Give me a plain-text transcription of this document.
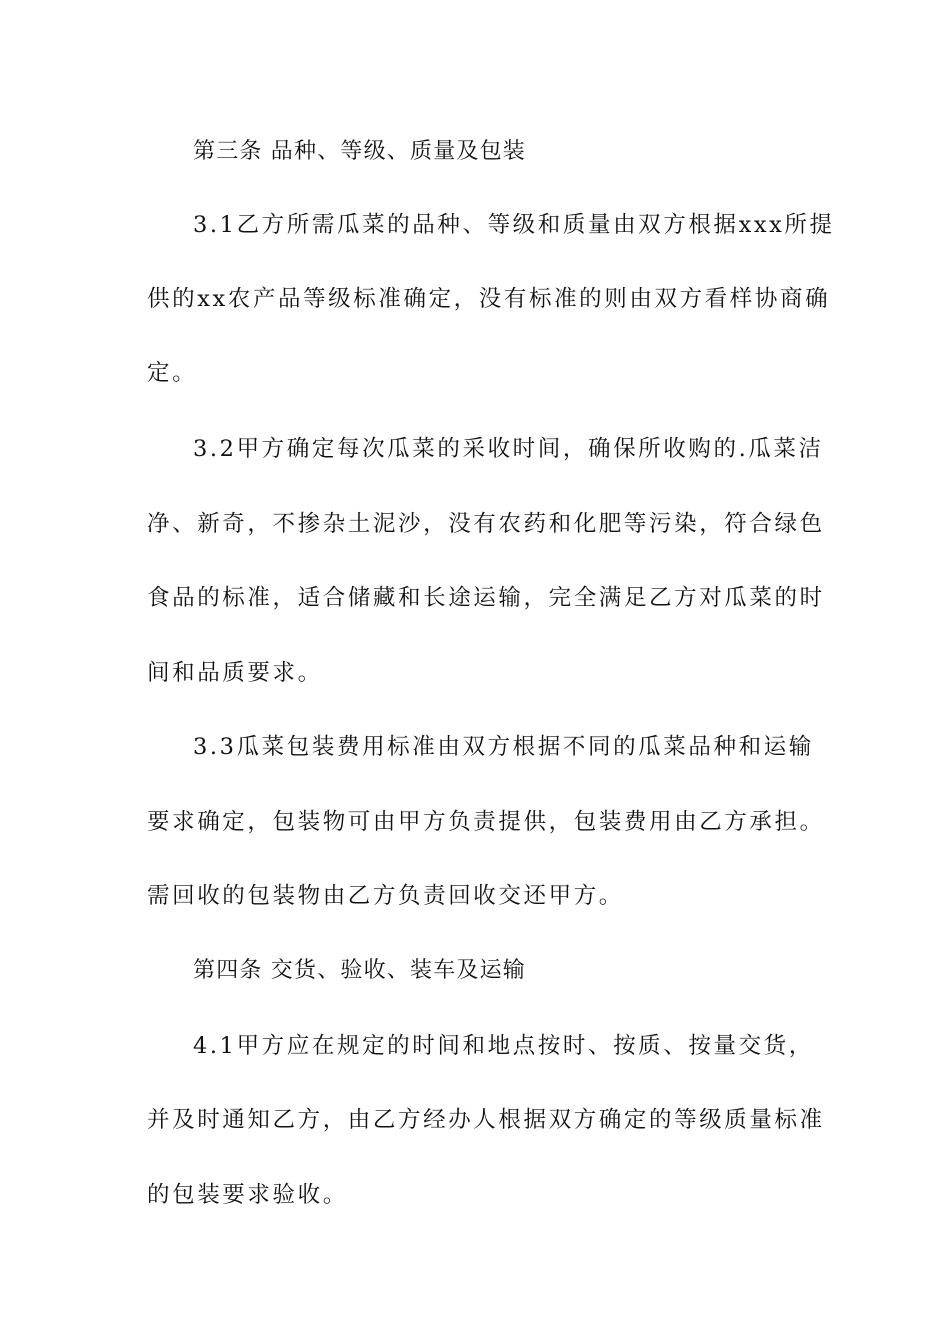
第三条 品种、等级、质量及包装
3.1乙方所需瓜菜的品种、等级和质量由双方根据xxx所提
供的xx农产品等级标准确定，没有标准的则由双方看样协商确
定。
3.2甲方确定每次瓜菜的采收时间，确保所收购的.瓜菜洁
净、新奇，不掺杂土泥沙，没有农药和化肥等污染，符合绿色
食品的标准，适合储藏和长途运输，完全满足乙方对瓜菜的时
间和品质要求。
3.3瓜菜包装费用标准由双方根据不同的瓜菜品种和运输
要求确定，包装物可由甲方负责提供，包装费用由乙方承担。
需回收的包装物由乙方负责回收交还甲方。
第四条 交货、验收、装车及运输
4.1甲方应在规定的时间和地点按时、按质、按量交货，
并及时通知乙方，由乙方经办人根据双方确定的等级质量标准
的包装要求验收。
